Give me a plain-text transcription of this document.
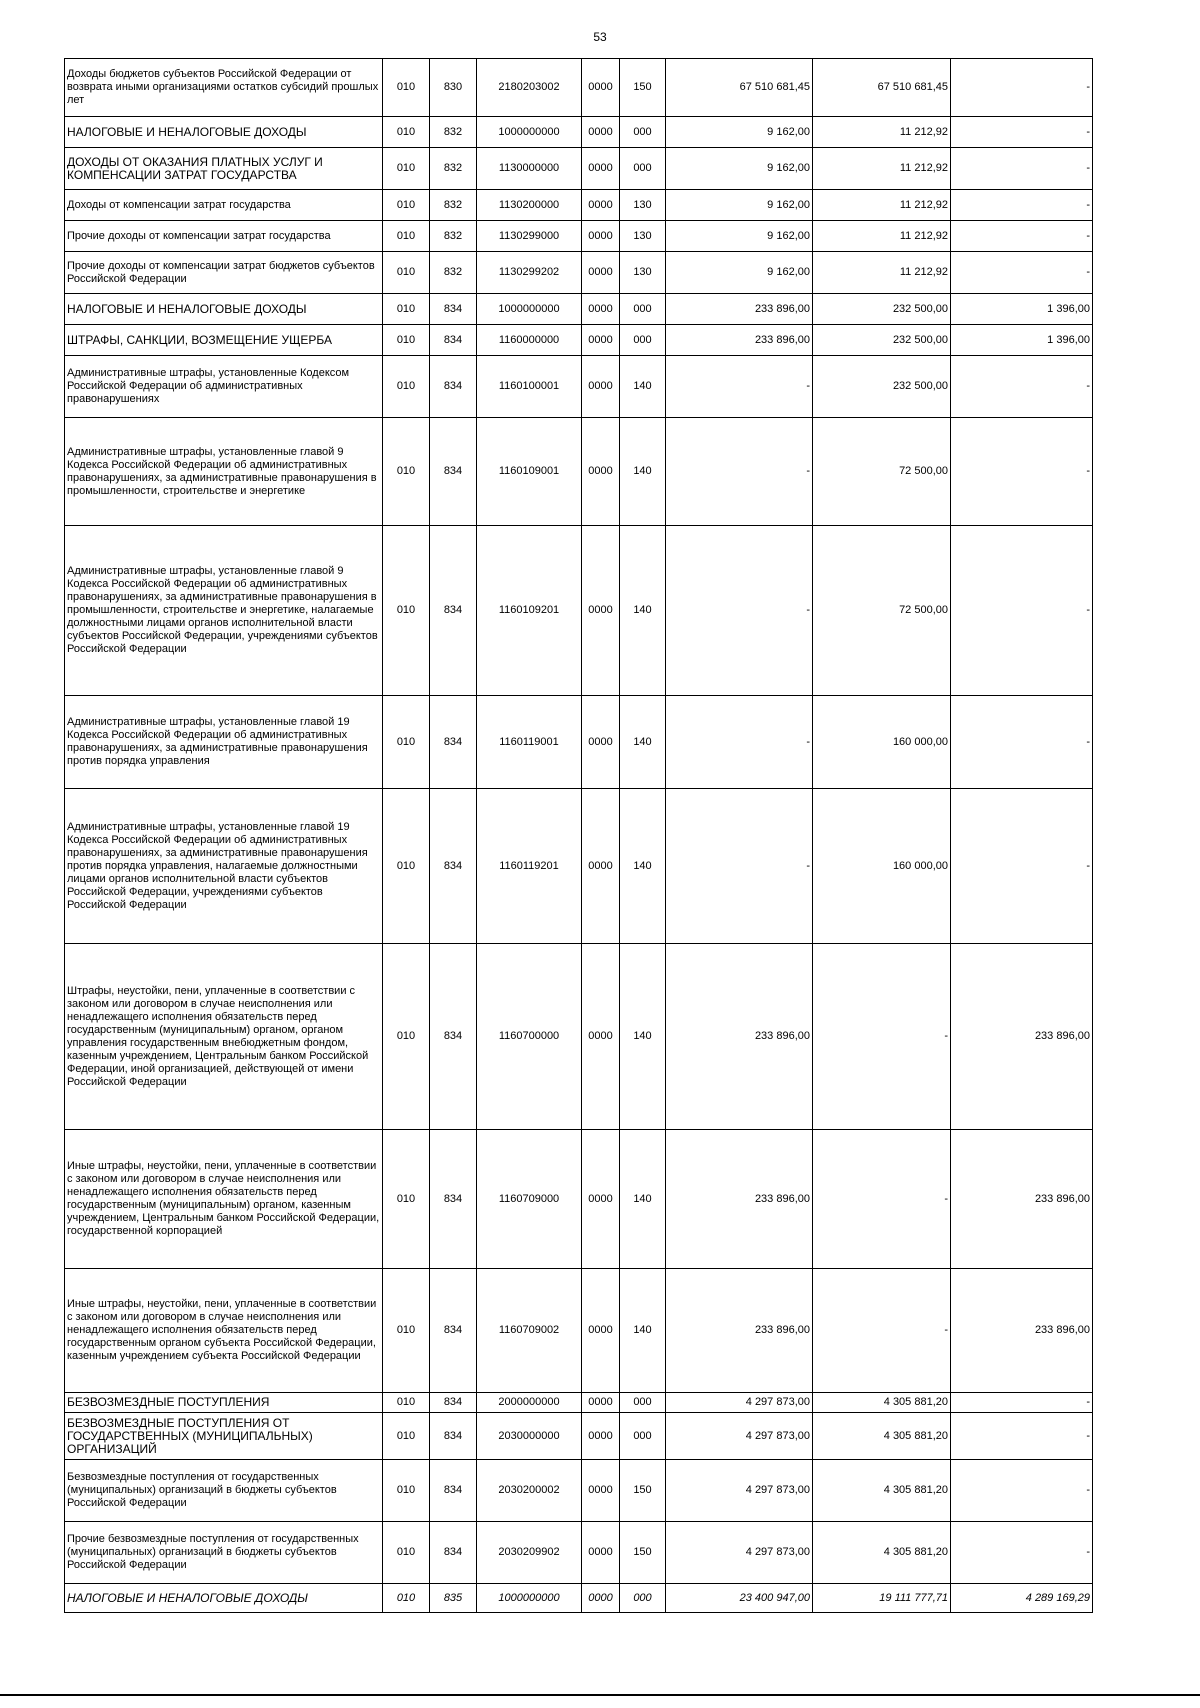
53
Доходы бюджетов субъектов Российской Федерации от возврата иными организациями остатков субсидий прошлых лет	010	830	2180203002	0000	150	67 510 681,45	67 510 681,45	-
НАЛОГОВЫЕ И НЕНАЛОГОВЫЕ ДОХОДЫ	010	832	1000000000	0000	000	9 162,00	11 212,92	-
ДОХОДЫ ОТ ОКАЗАНИЯ ПЛАТНЫХ УСЛУГ И КОМПЕНСАЦИИ ЗАТРАТ ГОСУДАРСТВА	010	832	1130000000	0000	000	9 162,00	11 212,92	-
Доходы от компенсации затрат государства	010	832	1130200000	0000	130	9 162,00	11 212,92	-
Прочие доходы от компенсации затрат государства	010	832	1130299000	0000	130	9 162,00	11 212,92	-
Прочие доходы от компенсации затрат бюджетов субъектов Российской Федерации	010	832	1130299202	0000	130	9 162,00	11 212,92	-
НАЛОГОВЫЕ И НЕНАЛОГОВЫЕ ДОХОДЫ	010	834	1000000000	0000	000	233 896,00	232 500,00	1 396,00
ШТРАФЫ, САНКЦИИ, ВОЗМЕЩЕНИЕ УЩЕРБА	010	834	1160000000	0000	000	233 896,00	232 500,00	1 396,00
Административные штрафы, установленные Кодексом Российской Федерации об административных правонарушениях	010	834	1160100001	0000	140	-	232 500,00	-
Административные штрафы, установленные главой 9 Кодекса Российской Федерации об административных правонарушениях, за административные правонарушения в промышленности, строительстве и энергетике	010	834	1160109001	0000	140	-	72 500,00	-
Административные штрафы, установленные главой 9 Кодекса Российской Федерации об административных правонарушениях, за административные правонарушения в промышленности, строительстве и энергетике, налагаемые должностными лицами органов исполнительной власти субъектов Российской Федерации, учреждениями субъектов Российской Федерации	010	834	1160109201	0000	140	-	72 500,00	-
Административные штрафы, установленные главой 19 Кодекса Российской Федерации об административных правонарушениях, за административные правонарушения против порядка управления	010	834	1160119001	0000	140	-	160 000,00	-
Административные штрафы, установленные главой 19 Кодекса Российской Федерации об административных правонарушениях, за административные правонарушения против порядка управления, налагаемые должностными лицами органов исполнительной власти субъектов Российской Федерации, учреждениями субъектов Российской Федерации	010	834	1160119201	0000	140	-	160 000,00	-
Штрафы, неустойки, пени, уплаченные в соответствии с законом или договором в случае неисполнения или ненадлежащего исполнения обязательств перед государственным (муниципальным) органом, органом управления государственным внебюджетным фондом, казенным учреждением, Центральным банком Российской Федерации, иной организацией, действующей от имени Российской Федерации	010	834	1160700000	0000	140	233 896,00	-	233 896,00
Иные штрафы, неустойки, пени, уплаченные в соответствии с законом или договором в случае неисполнения или ненадлежащего исполнения обязательств перед государственным (муниципальным) органом, казенным учреждением, Центральным банком Российской Федерации, государственной корпорацией	010	834	1160709000	0000	140	233 896,00	-	233 896,00
Иные штрафы, неустойки, пени, уплаченные в соответствии с законом или договором в случае неисполнения или ненадлежащего исполнения обязательств перед государственным органом субъекта Российской Федерации, казенным учреждением субъекта Российской Федерации	010	834	1160709002	0000	140	233 896,00	-	233 896,00
БЕЗВОЗМЕЗДНЫЕ ПОСТУПЛЕНИЯ	010	834	2000000000	0000	000	4 297 873,00	4 305 881,20	-
БЕЗВОЗМЕЗДНЫЕ ПОСТУПЛЕНИЯ ОТ ГОСУДАРСТВЕННЫХ (МУНИЦИПАЛЬНЫХ) ОРГАНИЗАЦИЙ	010	834	2030000000	0000	000	4 297 873,00	4 305 881,20	-
Безвозмездные поступления от государственных (муниципальных) организаций в бюджеты субъектов Российской Федерации	010	834	2030200002	0000	150	4 297 873,00	4 305 881,20	-
Прочие безвозмездные поступления от государственных (муниципальных) организаций в бюджеты субъектов Российской Федерации	010	834	2030209902	0000	150	4 297 873,00	4 305 881,20	-
НАЛОГОВЫЕ И НЕНАЛОГОВЫЕ ДОХОДЫ	010	835	1000000000	0000	000	23 400 947,00	19 111 777,71	4 289 169,29
